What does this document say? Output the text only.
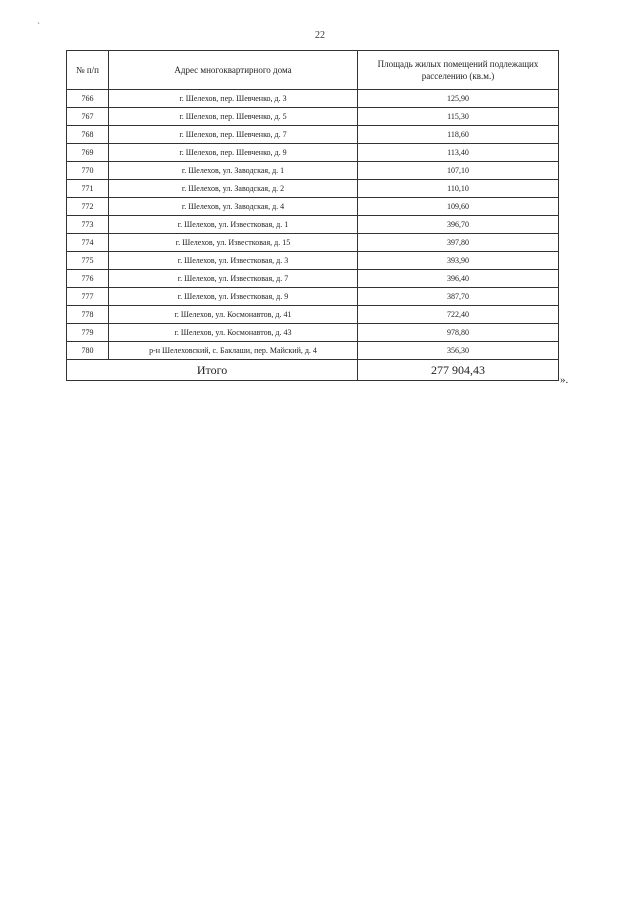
ˏ
22
№ п/п	Адрес многоквартирного дома	Площадь жилых помещений подлежащих расселению (кв.м.)
766	г. Шелехов, пер. Шевченко, д. 3	125,90
767	г. Шелехов, пер. Шевченко, д. 5	115,30
768	г. Шелехов, пер. Шевченко, д. 7	118,60
769	г. Шелехов, пер. Шевченко, д. 9	113,40
770	г. Шелехов, ул. Заводская, д. 1	107,10
771	г. Шелехов, ул. Заводская, д. 2	110,10
772	г. Шелехов, ул. Заводская, д. 4	109,60
773	г. Шелехов, ул. Известковая, д. 1	396,70
774	г. Шелехов, ул. Известковая, д. 15	397,80
775	г. Шелехов, ул. Известковая, д. 3	393,90
776	г. Шелехов, ул. Известковая, д. 7	396,40
777	г. Шелехов, ул. Известковая, д. 9	387,70
778	г. Шелехов, ул. Космонавтов, д. 41	722,40
779	г. Шелехов, ул. Космонавтов, д. 43	978,80
780	р-н Шелеховский, с. Баклаши, пер. Майский, д. 4	356,30
Итого		277 904,43
».
